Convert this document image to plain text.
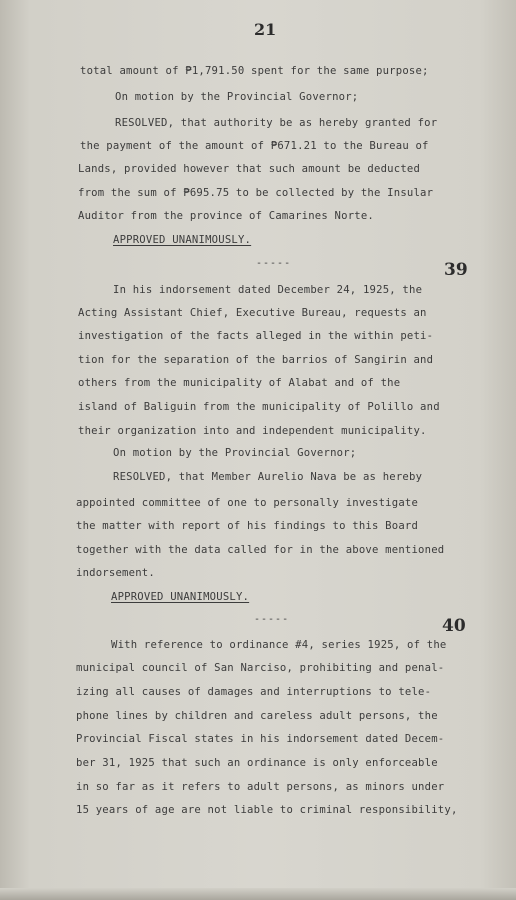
21
total amount of ₱1,791.50 spent for the same purpose;
On motion by the Provincial Governor;
RESOLVED, that authority be as hereby granted for
the payment of the amount of ₱671.21 to the Bureau of
Lands, provided however that such amount be deducted
from the sum of ₱695.75 to be collected by the Insular
Auditor from the province of Camarines Norte.
APPROVED UNANIMOUSLY.
-----	39
In his indorsement dated December 24, 1925, the
Acting Assistant Chief, Executive Bureau, requests an
investigation of the facts alleged in the within peti-
tion for the separation of the barrios of Sangirin and
others from the municipality of Alabat and of the
island of Baliguin from the municipality of Polillo and
their organization into and independent municipality.
On motion by the Provincial Governor;
RESOLVED, that Member Aurelio Nava be as hereby
appointed committee of one to personally investigate
the matter with report of his findings to this Board
together with the data called for in the above mentioned
indorsement.
APPROVED UNANIMOUSLY.
-----	40
With reference to ordinance #4, series 1925, of the
municipal council of San Narciso, prohibiting and penal-
izing all causes of damages and interruptions to tele-
phone lines by children and careless adult persons, the
Provincial Fiscal states in his indorsement dated Decem-
ber 31, 1925 that such an ordinance is only enforceable
in so far as it refers to adult persons, as minors under
15 years of age are not liable to criminal responsibility,
